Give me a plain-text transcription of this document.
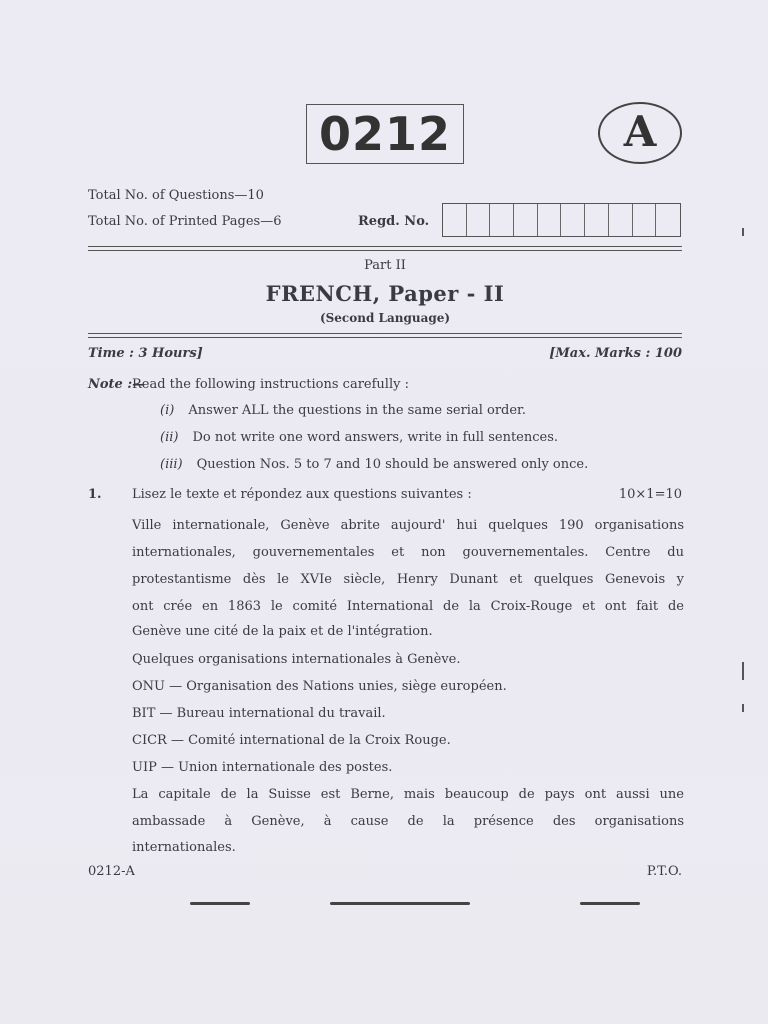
0212	A
Total No. of Questions—10
Total No. of Printed Pages—6	Regd. No.
Part II
FRENCH, Paper - II
(Second Language)
Time : 3 Hours]	[Max. Marks : 100
Note :—
Read the following instructions carefully :
(i) Answer ALL the questions in the same serial order.
(ii) Do not write one word answers, write in full sentences.
(iii) Question Nos. 5 to 7 and 10 should be answered only once.
1. Lisez le texte et répondez aux questions suivantes :	10×1=10
Ville internationale, Genève abrite aujourd' hui quelques 190 organisations
internationales, gouvernementales et non gouvernementales. Centre du
protestantisme dès le XVIe siècle, Henry Dunant et quelques Genevois y
ont crée en 1863 le comité International de la Croix-Rouge et ont fait de
Genève une cité de la paix et de l'intégration.
Quelques organisations internationales à Genève.
ONU — Organisation des Nations unies, siège européen.
BIT — Bureau international du travail.
CICR — Comité international de la Croix Rouge.
UIP — Union internationale des postes.
La capitale de la Suisse est Berne, mais beaucoup de pays ont aussi une
ambassade à Genève, à cause de la présence des organisations
internationales.
0212-A	P.T.O.
